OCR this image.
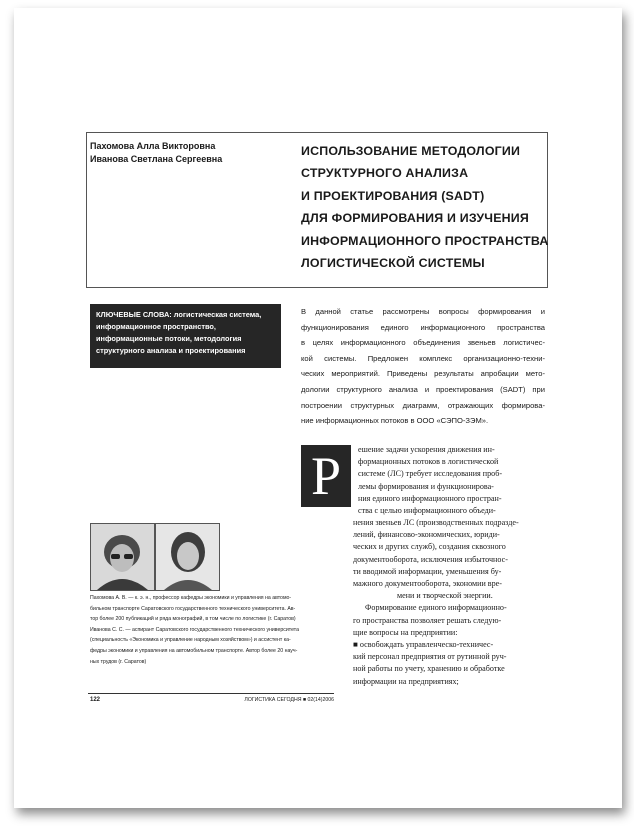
Пахомова Алла Викторовна
Иванова Светлана Сергеевна
ИСПОЛЬЗОВАНИЕ МЕТОДОЛОГИИ
СТРУКТУРНОГО АНАЛИЗА
И ПРОЕКТИРОВАНИЯ (SADT)
ДЛЯ ФОРМИРОВАНИЯ И ИЗУЧЕНИЯ
ИНФОРМАЦИОННОГО ПРОСТРАНСТВА
ЛОГИСТИЧЕСКОЙ СИСТЕМЫ
КЛЮЧЕВЫЕ СЛОВА: логистическая система,
информационное пространство,
информационные потоки, методология
структурного анализа и проектирования
В данной статье рассмотрены вопросы формирования и
функционирования единого информационного пространства
в целях информационного объединения звеньев логистичес-
кой системы. Предложен комплекс организационно-техни-
ческих мероприятий. Приведены результаты апробации мето-
дологии структурного анализа и проектирования (SADT) при
построении структурных диаграмм, отражающих формирова-
ние информационных потоков в ООО «СЭПО-ЗЭМ».
Р	ешение задачи ускорения движения ин-
формационных потоков в логистической
системе (ЛС) требует исследования проб-
лемы формирования и функционирова-
ния единого информационного простран-
ства с целью информационного объеди-
нения звеньев ЛС (производственных подразде-
лений, финансово-экономических, юриди-
ческих и других служб), создания сквозного
документооборота, исключения избыточнос-
ти вводимой информации, уменьшения бу-
мажного документооборота, экономии вре-
мени и творческой энергии.
Формирование единого информационно-
го пространства позволяет решать следую-
щие вопросы на предприятии:
■ освобождать управленческо-техничес-
кий персонал предприятия от рутинной руч-
ной работы по учету, хранению и обработке
информации на предприятиях;
Пахомова А. В. — к. э. н., профессор кафедры экономики и управления на автомо-
бильном транспорте Саратовского государственного технического университета. Ав-
тор более 200 публикаций и ряда монографий, в том числе по логистике (г. Саратов)
Иванова С. С. — аспирант Саратовского государственного технического университета
(специальность «Экономика и управление народным хозяйством») и ассистент ка-
федры экономики и управления на автомобильном транспорте. Автор более 20 науч-
ных трудов (г. Саратов)
122	ЛОГИСТИКА СЕГОДНЯ ■ 02(14)2006
